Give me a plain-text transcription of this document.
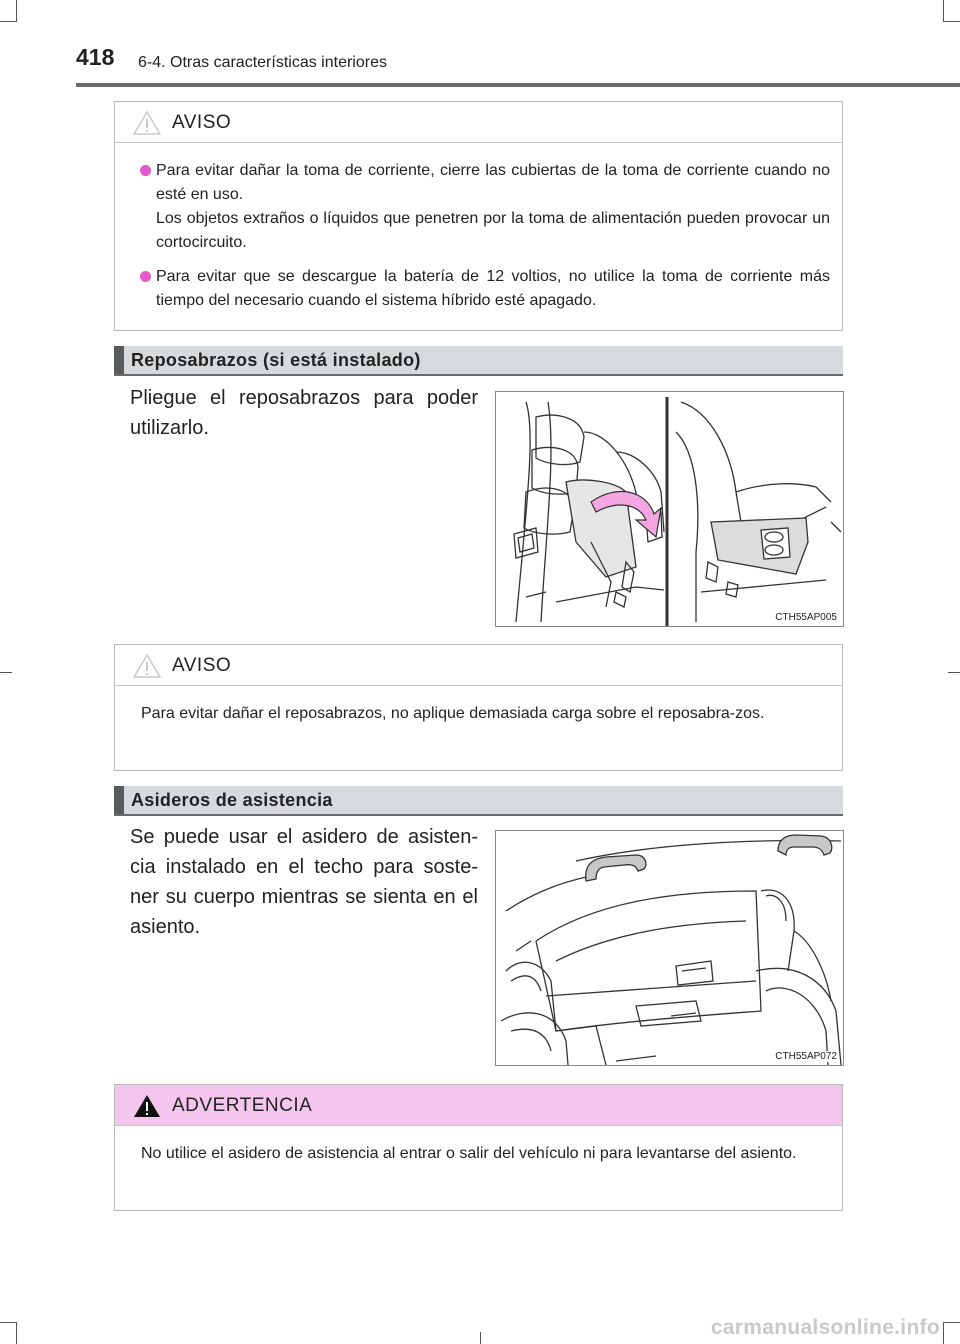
418 6-4. Otras características interiores
AVISO
Para evitar dañar la toma de corriente, cierre las cubiertas de la toma de corriente cuando no esté en uso.
Los objetos extraños o líquidos que penetren por la toma de alimentación pueden provocar un cortocircuito.
Para evitar que se descargue la batería de 12 voltios, no utilice la toma de corriente más tiempo del necesario cuando el sistema híbrido esté apagado.
Reposabrazos (si está instalado)
Pliegue el reposabrazos para poder utilizarlo.
CTH55AP005
AVISO
Para evitar dañar el reposabrazos, no aplique demasiada carga sobre el reposabra-zos.
Asideros de asistencia
Se puede usar el asidero de asisten-cia instalado en el techo para soste-ner su cuerpo mientras se sienta en el asiento.
CTH55AP072
ADVERTENCIA
No utilice el asidero de asistencia al entrar o salir del vehículo ni para levantarse del asiento.
carmanualsonline.info
